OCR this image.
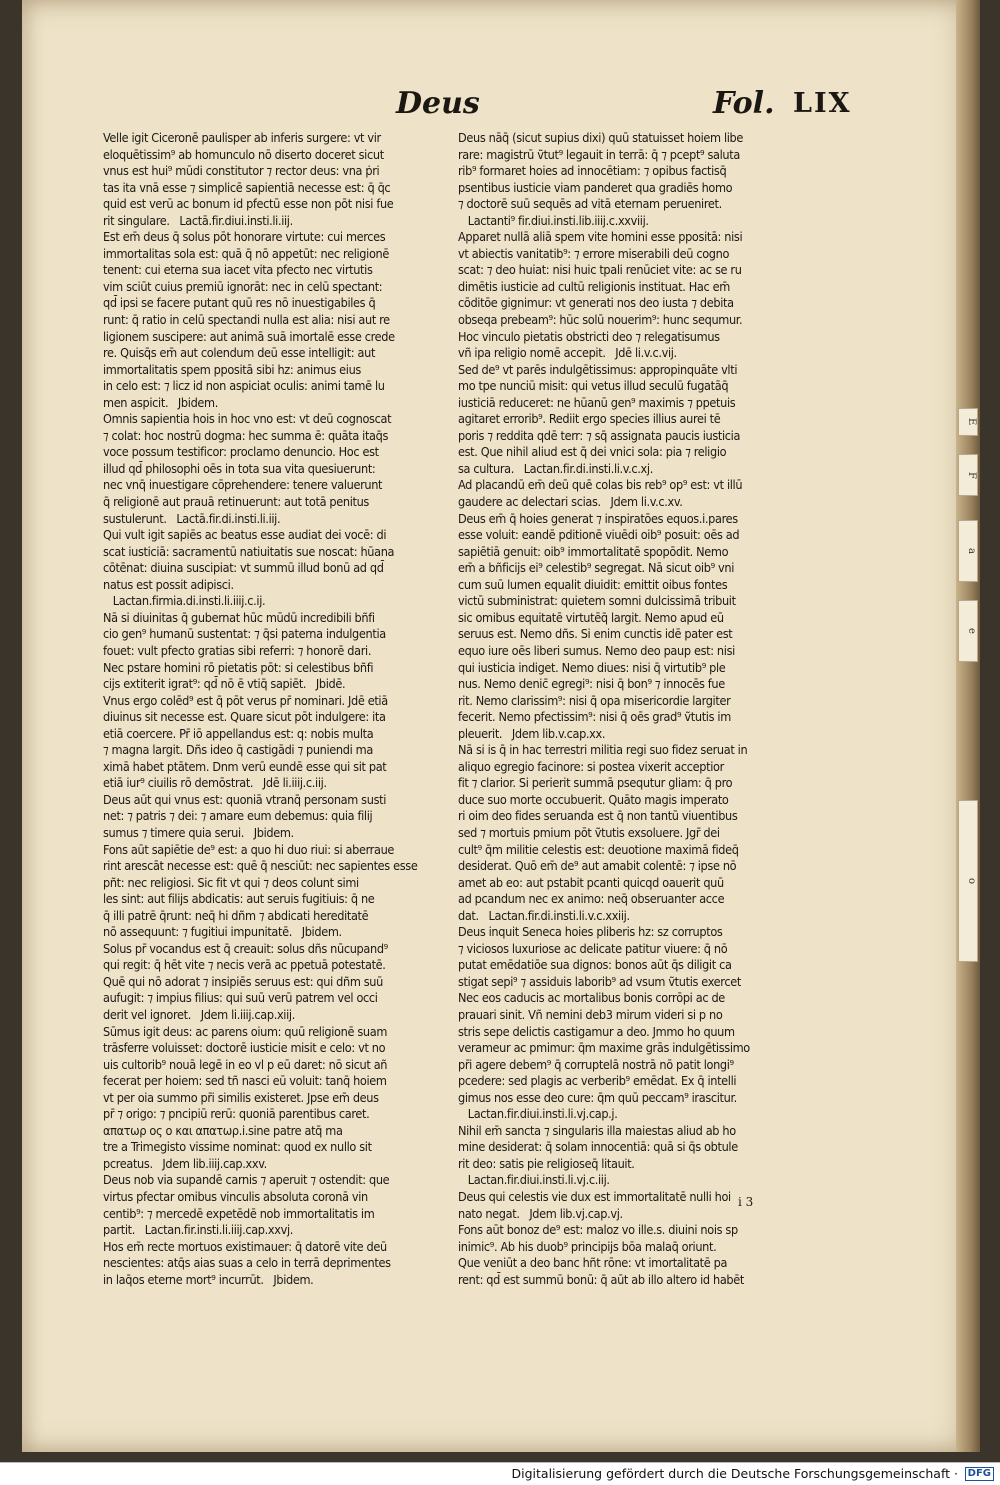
E
F
a
e
o
Deus	Fol. LIX
Velle igit Ciceronē paulisper ab inferis surgere: vt vir
eloquētissim⁹ ab homunculo nō diserto doceret sicut
vnus est hui⁹ mūdi constitutor ⁊ rector deus: vna ṗri
tas ita vnā esse ⁊ simplicē sapientiā necesse est: q̄ q̄c
quid est verū ac bonum id pfectū esse non pōt nisi fue
rit singulare.   Lactā.fir.diui.insti.li.iij.
Est em̄ deus q̄ solus pōt honorare virtute: cui merces
immortalitas sola est: quā q̄ nō appetūt: nec religionē
tenent: cui eterna sua iacet vita pfecto nec virtutis
vim sciūt cuius premiū ignorāt: nec in celū spectant:
qd̄ ipsi se facere putant quū res nō inuestigabiles q̄
runt: q̄ ratio in celū spectandi nulla est alia: nisi aut re
ligionem suscipere: aut animā suā imortalē esse crede
re. Quisq̄s em̄ aut colendum deū esse intelligit: aut
immortalitatis spem ppositā sibi hz: animus eius
in celo est: ⁊ licz id non aspiciat oculis: animi tamē lu
men aspicit.   Jbidem.
Omnis sapientia hois in hoc vno est: vt deū cognoscat
⁊ colat: hoc nostrū dogma: hec summa ē: quāta itaq̄s
voce possum testificor: proclamo denuncio. Hoc est
illud qd̄ philosophi oēs in tota sua vita quesiuerunt:
nec vnq̄ inuestigare cōprehendere: tenere valuerunt
q̄ religionē aut prauā retinuerunt: aut totā penitus
sustulerunt.   Lactā.fir.di.insti.li.iij.
Qui vult igit sapiēs ac beatus esse audiat dei vocē: di
scat iusticiā: sacramentū natiuitatis sue noscat: hūana
cōtēnat: diuina suscipiat: vt summū illud bonū ad qd̄
natus est possit adipisci.
Lactan.firmia.di.insti.li.iiij.c.ij.
Nā si diuinitas q̄ gubernat hūc mūdū incredibili bñfi
cio gen⁹ humanū sustentat: ⁊ q̄si paterna indulgentia
fouet: vult pfecto gratias sibi referri: ⁊ honorē dari.
Nec pstare homini rō pietatis pōt: si celestibus bñfi
cijs extiterit igrat⁹: qd̄ nō ē vtiq̄ sapiēt.   Jbidē.
Vnus ergo colēd⁹ est q̄ pōt verus pr̄ nominari. Jdē etiā
diuinus sit necesse est. Quare sicut pōt indulgere: ita
etiā coercere. Pr̄ iō appellandus est: q: nobis multa
⁊ magna largit. Dñs ideo q̄ castigādi ⁊ puniendi ma
ximā habet ptātem. Dnm verū eundē esse qui sit pat
etiā iur⁹ ciuilis rō demōstrat.   Jdē li.iiij.c.iij.
Deus aūt qui vnus est: quoniā vtranq̄ personam susti
net: ⁊ patris ⁊ dei: ⁊ amare eum debemus: quia filij
sumus ⁊ timere quia serui.   Jbidem.
Fons aūt sapiētie de⁹ est: a quo hi duo riui: si aberraue
rint arescāt necesse est: quē q̄ nesciūt: nec sapientes esse
pñt: nec religiosi. Sic fit vt qui ⁊ deos colunt simi
les sint: aut filijs abdicatis: aut seruis fugitiuis: q̄ ne
q̄ illi patrē q̄runt: neq̄ hi dñm ⁊ abdicati hereditatē
nō assequunt: ⁊ fugitiui impunitatē.   Jbidem.
Solus pr̄ vocandus est q̄ creauit: solus dñs nūcupand⁹
qui regit: q̄ hēt vite ⁊ necis verā ac ppetuā potestatē.
Quē qui nō adorat ⁊ insipiēs seruus est: qui dñm suū
aufugit: ⁊ impius filius: qui suū verū patrem vel occi
derit vel ignoret.   Jdem li.iiij.cap.xiij.
Sūmus igit deus: ac parens oium: quū religionē suam
trāsferre voluisset: doctorē iusticie misit e celo: vt no
uis cultorib⁹ nouā legē in eo vl p eū daret: nō sicut añ
fecerat per hoiem: sed tñ nasci eū voluit: tanq̄ hoiem
vt per oia summo pr̄i similis existeret. Jpse em̄ deus
pr̄ ⁊ origo: ⁊ pncipiū rerū: quoniā parentibus caret.
απατωρ ος ο και απατωρ.i.sine patre atq̄ ma
tre a Trimegisto vissime nominat: quod ex nullo sit
pcreatus.   Jdem lib.iiij.cap.xxv.
Deus nob via supandē carnis ⁊ aperuit ⁊ ostendit: que
virtus pfectar omibus vinculis absoluta coronā vin
centib⁹: ⁊ mercedē expetēdē nob immortalitatis im
partit.   Lactan.fir.insti.li.iiij.cap.xxvj.
Hos em̄ recte mortuos existimauer: q̄ datorē vite deū
nescientes: atq̄s aias suas a celo in terrā deprimentes
in laq̄os eterne mort⁹ incurrūt.   Jbidem.
Deus nāq̄ (sicut supius dixi) quū statuisset hoiem libe
rare: magistrū ṽtut⁹ legauit in terrā: q̄ ⁊ pcept⁹ saluta
rib⁹ formaret hoies ad innocētiam: ⁊ opibus factisq̄
psentibus iusticie viam panderet qua gradiēs homo
⁊ doctorē suū sequēs ad vitā eternam perueniret.
Lactanti⁹ fir.diui.insti.lib.iiij.c.xxviij.
Apparet nullā aliā spem vite homini esse ppositā: nisi
vt abiectis vanitatib⁹: ⁊ errore miserabili deū cogno
scat: ⁊ deo huiat: nisi huic tpali renūciet vite: ac se ru
dimētis iusticie ad cultū religionis instituat. Hac em̄
cōditōe gignimur: vt generati nos deo iusta ⁊ debita
obseqa prebeam⁹: hūc solū nouerim⁹: hunc sequmur.
Hoc vinculo pietatis obstricti deo ⁊ relegatisumus
vñ ipa religio nomē accepit.   Jdē li.v.c.vij.
Sed de⁹ vt parēs indulgētissimus: appropinquāte vlti
mo tpe nunciū misit: qui vetus illud seculū fugatāq̄
iusticiā reduceret: ne hūanū gen⁹ maximis ⁊ ppetuis
agitaret errorib⁹. Rediit ergo species illius aurei tē
poris ⁊ reddita qdē terr: ⁊ sq̄ assignata paucis iusticia
est. Que nihil aliud est q̄ dei vnici sola: pia ⁊ religio
sa cultura.   Lactan.fir.di.insti.li.v.c.xj.
Ad placandū em̄ deū quē colas bis reb⁹ op⁹ est: vt illū
gaudere ac delectari scias.   Jdem li.v.c.xv.
Deus em̄ q̄ hoies generat ⁊ inspiratōes equos.i.pares
esse voluit: eandē pditionē viuēdi oib⁹ posuit: oēs ad
sapiētiā genuit: oib⁹ immortalitatē spopōdit. Nemo
em̄ a bñficijs ei⁹ celestib⁹ segregat. Nā sicut oib⁹ vni
cum suū lumen equalit diuidit: emittit oibus fontes
victū subministrat: quietem somni dulcissimā tribuit
sic omibus equitatē virtutēq̄ largit. Nemo apud eū
seruus est. Nemo dñs. Si enim cunctis idē pater est
equo iure oēs liberi sumus. Nemo deo paup est: nisi
qui iusticia indiget. Nemo diues: nisi q̄ virtutib⁹ ple
nus. Nemo denic̄ egregi⁹: nisi q̄ bon⁹ ⁊ innocēs fue
rit. Nemo clarissim⁹: nisi q̄ opa misericordie largiter
fecerit. Nemo pfectissim⁹: nisi q̄ oēs grad⁹ ṽtutis im
pleuerit.   Jdem lib.v.cap.xx.
Nā si is q̄ in hac terrestri militia regi suo fidez seruat in
aliquo egregio facinore: si postea vixerit acceptior
fit ⁊ clarior. Si perierit summā psequtur gliam: q̄ pro
duce suo morte occubuerit. Quāto magis imperato
ri oim deo fides seruanda est q̄ non tantū viuentibus
sed ⁊ mortuis pmium pōt ṽtutis exsoluere. Jgr̄ dei
cult⁹ q̄m militie celestis est: deuotione maximā fideq̄
desiderat. Quō em̄ de⁹ aut amabit colentē: ⁊ ipse nō
amet ab eo: aut pstabit pcanti quicqd oauerit quū
ad pcandum nec ex animo: neq̄ obseruanter acce
dat.   Lactan.fir.di.insti.li.v.c.xxiij.
Deus inquit Seneca hoies pliberis hz: sz corruptos
⁊ viciosos luxuriose ac delicate patitur viuere: q̄ nō
putat emēdatiōe sua dignos: bonos aūt q̄s diligit ca
stigat sepi⁹ ⁊ assiduis laborib⁹ ad vsum ṽtutis exercet
Nec eos caducis ac mortalibus bonis corrōpi ac de
prauari sinit. Vñ nemini deb3 mirum videri si p no
stris sepe delictis castigamur a deo. Jmmo ho quum
verameur ac pmimur: q̄m maxime grās indulgētissimo
pr̄i agere debem⁹ q̄ corruptelā nostrā nō patit longi⁹
pcedere: sed plagis ac verberib⁹ emēdat. Ex q̄ intelli
gimus nos esse deo cure: q̄m quū peccam⁹ irascitur.
Lactan.fir.diui.insti.li.vj.cap.j.
Nihil em̄ sancta ⁊ singularis illa maiestas aliud ab ho
mine desiderat: q̄ solam innocentiā: quā si q̄s obtule
rit deo: satis pie religioseq̄ litauit.
Lactan.fir.diui.insti.li.vj.c.iij.
Deus qui celestis vie dux est immortalitatē nulli hoi
nato negat.   Jdem lib.vj.cap.vj.
Fons aūt bonoz de⁹ est: maloz vo ille.s. diuini nois sp
inimic⁹. Ab his duob⁹ principijs bōa malaq̄ oriunt.
Que veniūt a deo banc hñt rōne: vt imortalitatē pa
rent: qd̄ est summū bonū: q̄ aūt ab illo altero id habēt
i 3
Digitalisierung gefördert durch die Deutsche Forschungsgemeinschaft · DFG
